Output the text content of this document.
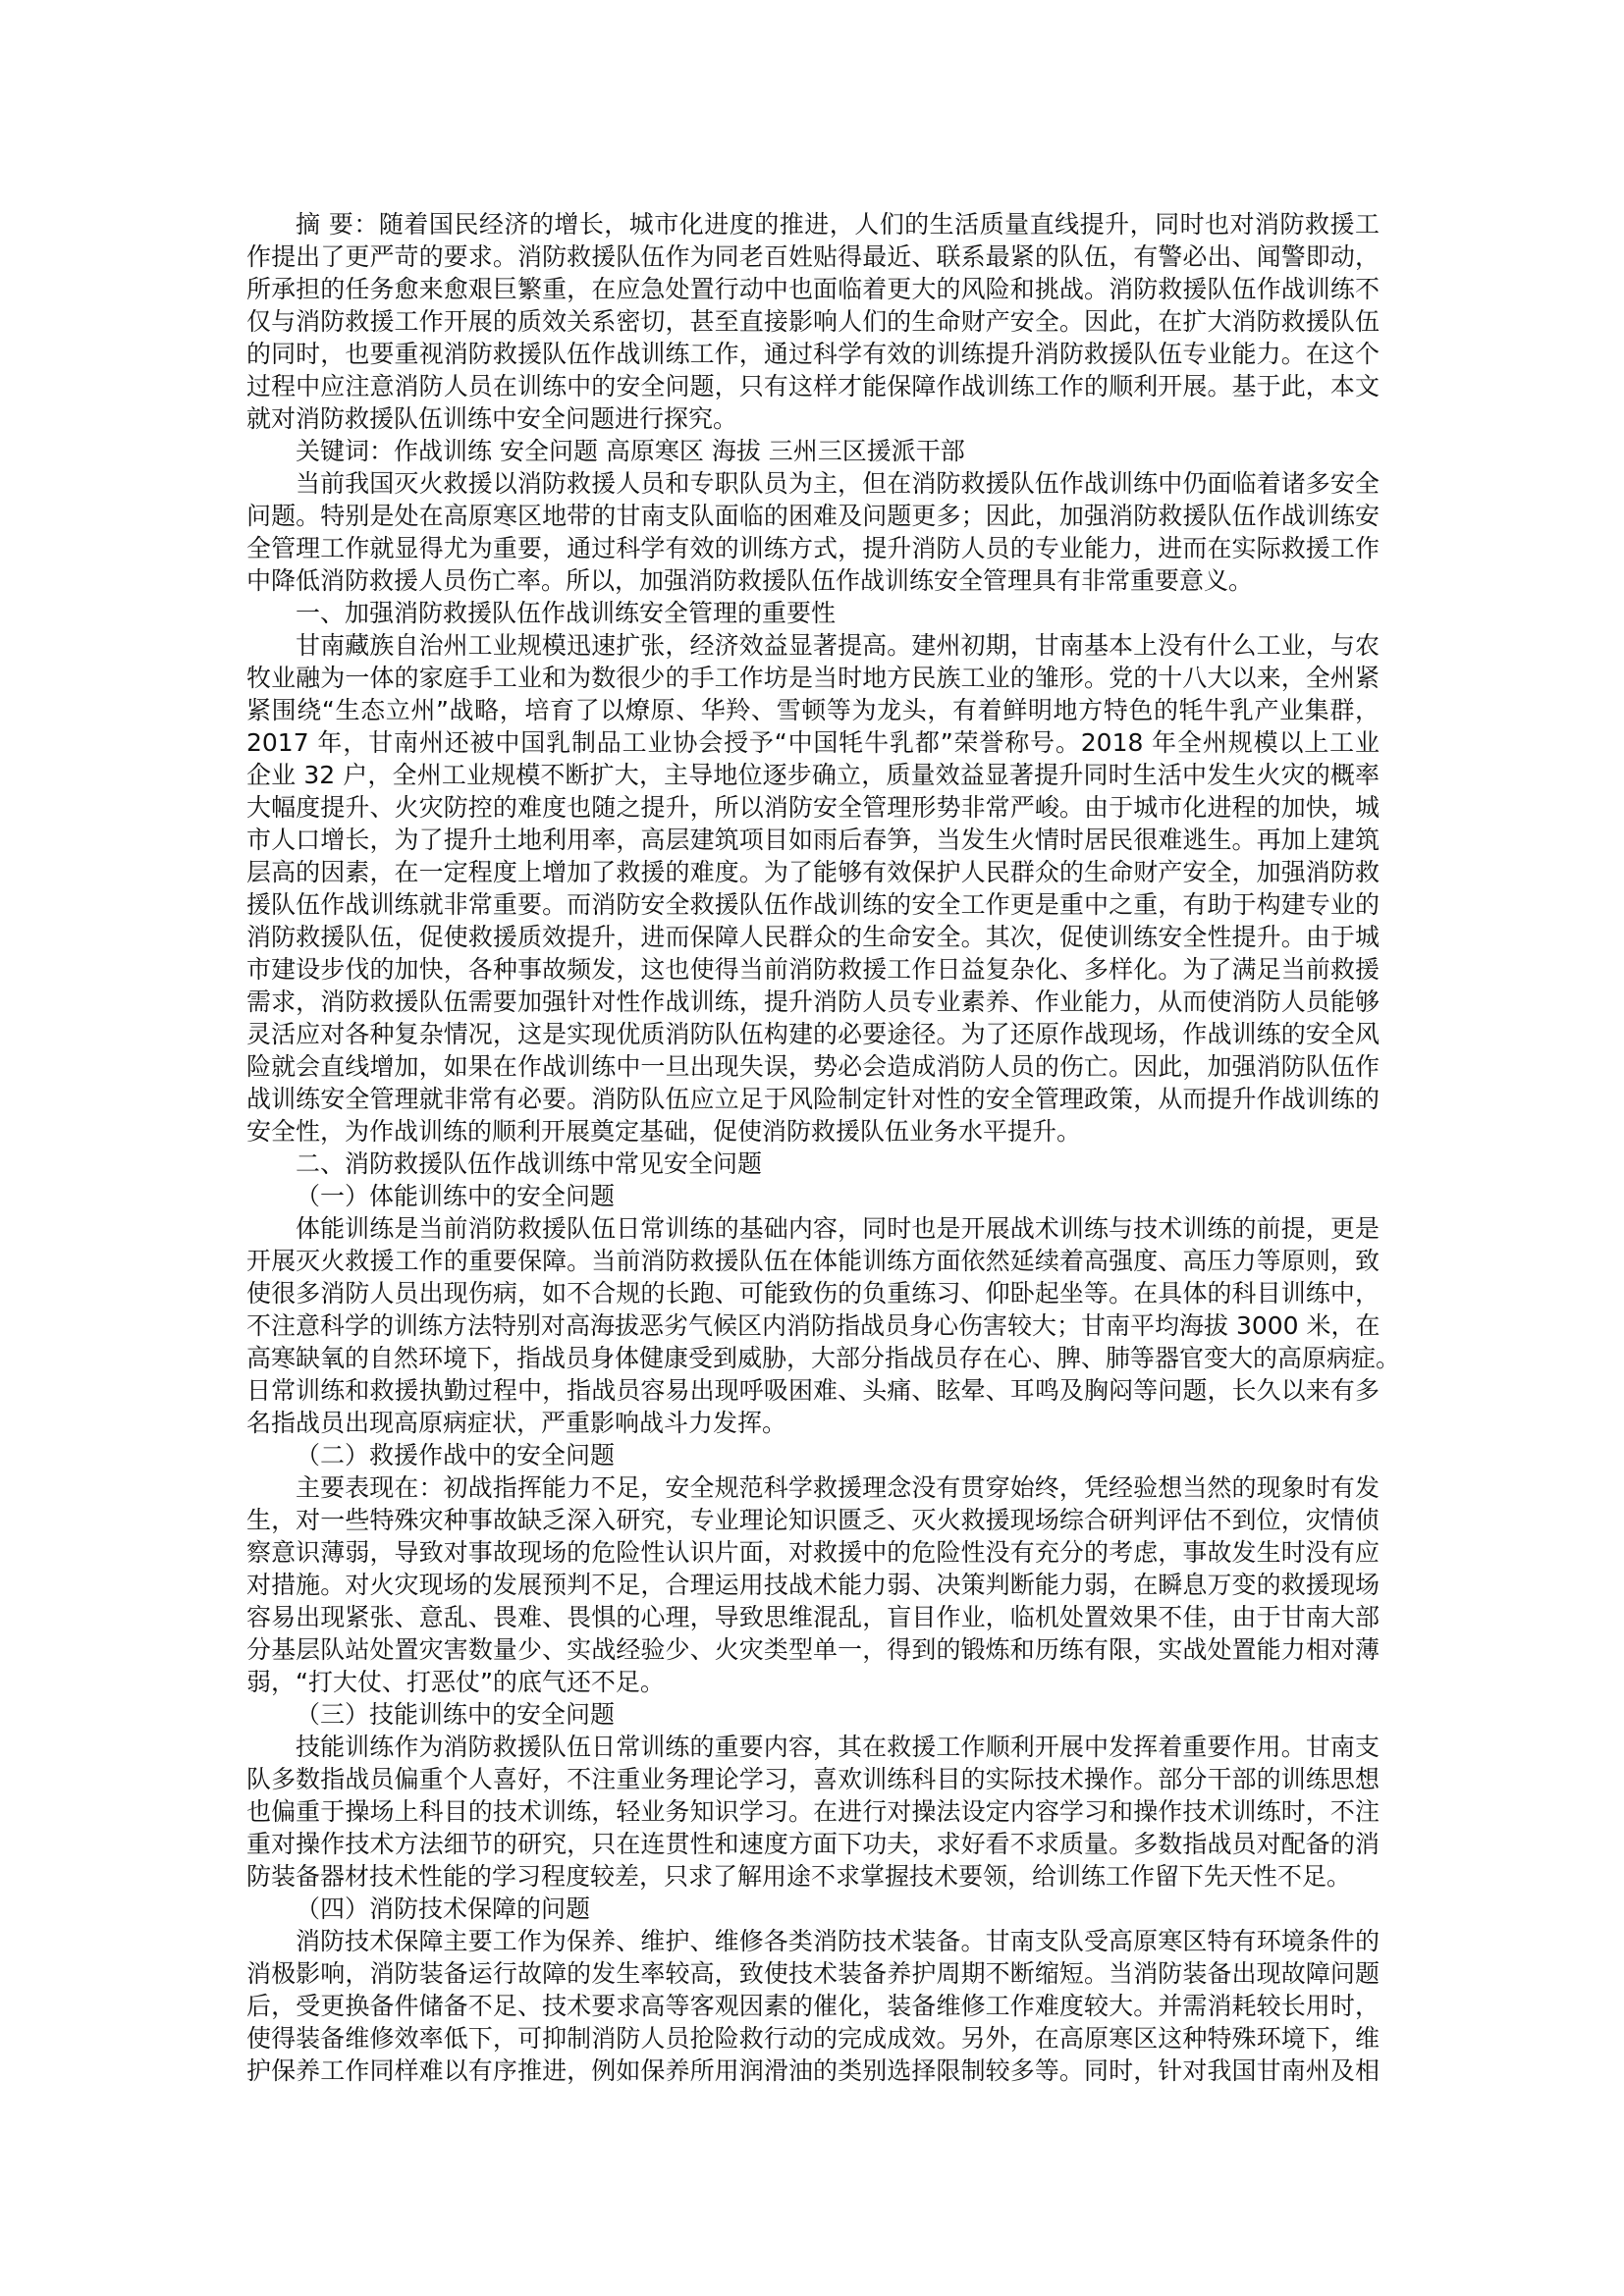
摘 要：随着国民经济的增长，城市化进度的推进，人们的生活质量直线提升，同时也对消防救援工
作提出了更严苛的要求。消防救援队伍作为同老百姓贴得最近、联系最紧的队伍，有警必出、闻警即动，
所承担的任务愈来愈艰巨繁重，在应急处置行动中也面临着更大的风险和挑战。消防救援队伍作战训练不
仅与消防救援工作开展的质效关系密切，甚至直接影响人们的生命财产安全。因此，在扩大消防救援队伍
的同时，也要重视消防救援队伍作战训练工作，通过科学有效的训练提升消防救援队伍专业能力。在这个
过程中应注意消防人员在训练中的安全问题，只有这样才能保障作战训练工作的顺利开展。基于此，本文
就对消防救援队伍训练中安全问题进行探究。
关键词：作战训练 安全问题 高原寒区 海拔 三州三区援派干部
当前我国灭火救援以消防救援人员和专职队员为主，但在消防救援队伍作战训练中仍面临着诸多安全
问题。特别是处在高原寒区地带的甘南支队面临的困难及问题更多；因此，加强消防救援队伍作战训练安
全管理工作就显得尤为重要，通过科学有效的训练方式，提升消防人员的专业能力，进而在实际救援工作
中降低消防救援人员伤亡率。所以，加强消防救援队伍作战训练安全管理具有非常重要意义。
一、加强消防救援队伍作战训练安全管理的重要性
甘南藏族自治州工业规模迅速扩张，经济效益显著提高。建州初期，甘南基本上没有什么工业，与农
牧业融为一体的家庭手工业和为数很少的手工作坊是当时地方民族工业的雏形。党的十八大以来，全州紧
紧围绕“生态立州”战略，培育了以燎原、华羚、雪顿等为龙头，有着鲜明地方特色的牦牛乳产业集群，
2017 年，甘南州还被中国乳制品工业协会授予“中国牦牛乳都”荣誉称号。2018 年全州规模以上工业
企业 32 户，全州工业规模不断扩大，主导地位逐步确立，质量效益显著提升同时生活中发生火灾的概率
大幅度提升、火灾防控的难度也随之提升，所以消防安全管理形势非常严峻。由于城市化进程的加快，城
市人口增长，为了提升土地利用率，高层建筑项目如雨后春笋，当发生火情时居民很难逃生。再加上建筑
层高的因素，在一定程度上增加了救援的难度。为了能够有效保护人民群众的生命财产安全，加强消防救
援队伍作战训练就非常重要。而消防安全救援队伍作战训练的安全工作更是重中之重，有助于构建专业的
消防救援队伍，促使救援质效提升，进而保障人民群众的生命安全。其次，促使训练安全性提升。由于城
市建设步伐的加快，各种事故频发，这也使得当前消防救援工作日益复杂化、多样化。为了满足当前救援
需求，消防救援队伍需要加强针对性作战训练，提升消防人员专业素养、作业能力，从而使消防人员能够
灵活应对各种复杂情况，这是实现优质消防队伍构建的必要途径。为了还原作战现场，作战训练的安全风
险就会直线增加，如果在作战训练中一旦出现失误，势必会造成消防人员的伤亡。因此，加强消防队伍作
战训练安全管理就非常有必要。消防队伍应立足于风险制定针对性的安全管理政策，从而提升作战训练的
安全性，为作战训练的顺利开展奠定基础，促使消防救援队伍业务水平提升。
二、消防救援队伍作战训练中常见安全问题
（一）体能训练中的安全问题
体能训练是当前消防救援队伍日常训练的基础内容，同时也是开展战术训练与技术训练的前提，更是
开展灭火救援工作的重要保障。当前消防救援队伍在体能训练方面依然延续着高强度、高压力等原则，致
使很多消防人员出现伤病，如不合规的长跑、可能致伤的负重练习、仰卧起坐等。在具体的科目训练中，
不注意科学的训练方法特别对高海拔恶劣气候区内消防指战员身心伤害较大；甘南平均海拔 3000 米，在
高寒缺氧的自然环境下，指战员身体健康受到威胁，大部分指战员存在心、脾、肺等器官变大的高原病症。
日常训练和救援执勤过程中，指战员容易出现呼吸困难、头痛、眩晕、耳鸣及胸闷等问题，长久以来有多
名指战员出现高原病症状，严重影响战斗力发挥。
（二）救援作战中的安全问题
主要表现在：初战指挥能力不足，安全规范科学救援理念没有贯穿始终，凭经验想当然的现象时有发
生，对一些特殊灾种事故缺乏深入研究，专业理论知识匮乏、灭火救援现场综合研判评估不到位，灾情侦
察意识薄弱，导致对事故现场的危险性认识片面，对救援中的危险性没有充分的考虑，事故发生时没有应
对措施。对火灾现场的发展预判不足，合理运用技战术能力弱、决策判断能力弱，在瞬息万变的救援现场
容易出现紧张、意乱、畏难、畏惧的心理，导致思维混乱，盲目作业，临机处置效果不佳，由于甘南大部
分基层队站处置灾害数量少、实战经验少、火灾类型单一，得到的锻炼和历练有限，实战处置能力相对薄
弱，“打大仗、打恶仗”的底气还不足。
（三）技能训练中的安全问题
技能训练作为消防救援队伍日常训练的重要内容，其在救援工作顺利开展中发挥着重要作用。甘南支
队多数指战员偏重个人喜好，不注重业务理论学习，喜欢训练科目的实际技术操作。部分干部的训练思想
也偏重于操场上科目的技术训练，轻业务知识学习。在进行对操法设定内容学习和操作技术训练时，不注
重对操作技术方法细节的研究，只在连贯性和速度方面下功夫，求好看不求质量。多数指战员对配备的消
防装备器材技术性能的学习程度较差，只求了解用途不求掌握技术要领，给训练工作留下先天性不足。
（四）消防技术保障的问题
消防技术保障主要工作为保养、维护、维修各类消防技术装备。甘南支队受高原寒区特有环境条件的
消极影响，消防装备运行故障的发生率较高，致使技术装备养护周期不断缩短。当消防装备出现故障问题
后，受更换备件储备不足、技术要求高等客观因素的催化，装备维修工作难度较大。并需消耗较长用时，
使得装备维修效率低下，可抑制消防人员抢险救行动的完成成效。另外，在高原寒区这种特殊环境下，维
护保养工作同样难以有序推进，例如保养所用润滑油的类别选择限制较多等。同时，针对我国甘南州及相
